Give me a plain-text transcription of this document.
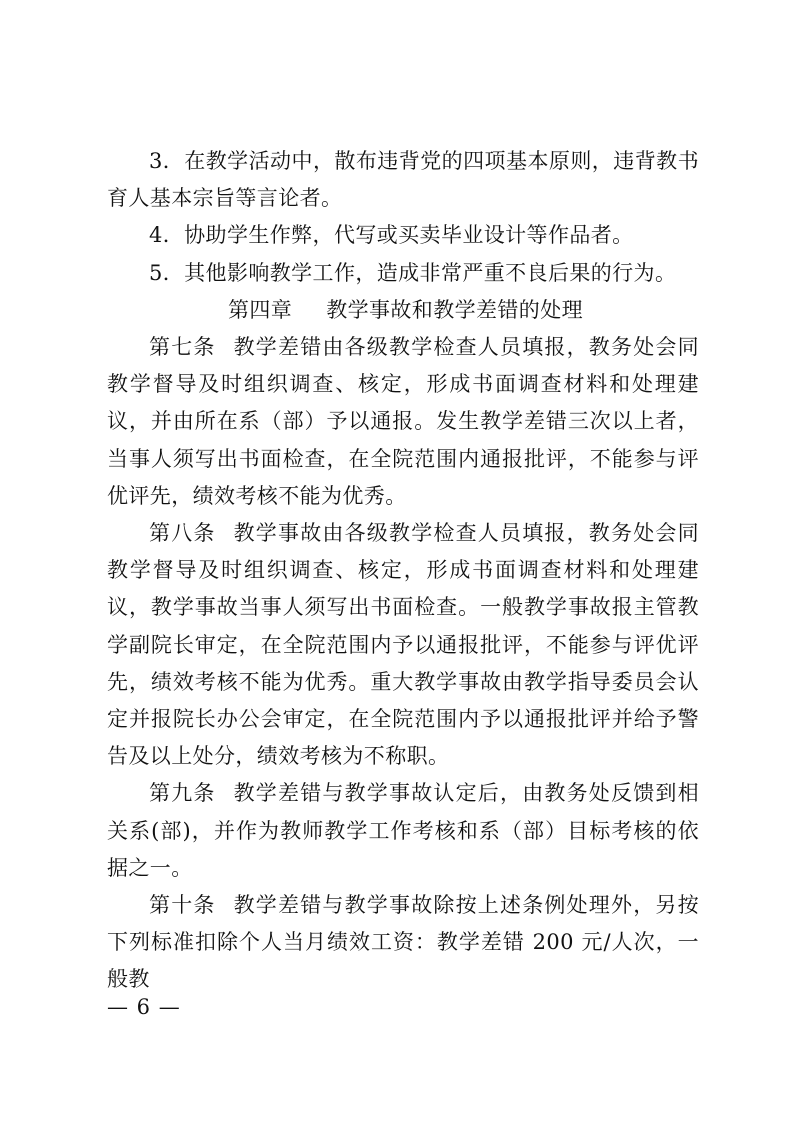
3．在教学活动中，散布违背党的四项基本原则，违背教书育人基本宗旨等言论者。

4．协助学生作弊，代写或买卖毕业设计等作品者。

5．其他影响教学工作，造成非常严重不良后果的行为。

第四章 教学事故和教学差错的处理

第七条 教学差错由各级教学检查人员填报，教务处会同教学督导及时组织调查、核定，形成书面调查材料和处理建议，并由所在系（部）予以通报。发生教学差错三次以上者，当事人须写出书面检查，在全院范围内通报批评，不能参与评优评先，绩效考核不能为优秀。

第八条 教学事故由各级教学检查人员填报，教务处会同教学督导及时组织调查、核定，形成书面调查材料和处理建议，教学事故当事人须写出书面检查。一般教学事故报主管教学副院长审定，在全院范围内予以通报批评，不能参与评优评先，绩效考核不能为优秀。重大教学事故由教学指导委员会认定并报院长办公会审定，在全院范围内予以通报批评并给予警告及以上处分，绩效考核为不称职。

第九条 教学差错与教学事故认定后，由教务处反馈到相关系(部)，并作为教师教学工作考核和系（部）目标考核的依据之一。

第十条 教学差错与教学事故除按上述条例处理外，另按下列标准扣除个人当月绩效工资：教学差错 200 元/人次，一般教

— 6 —
